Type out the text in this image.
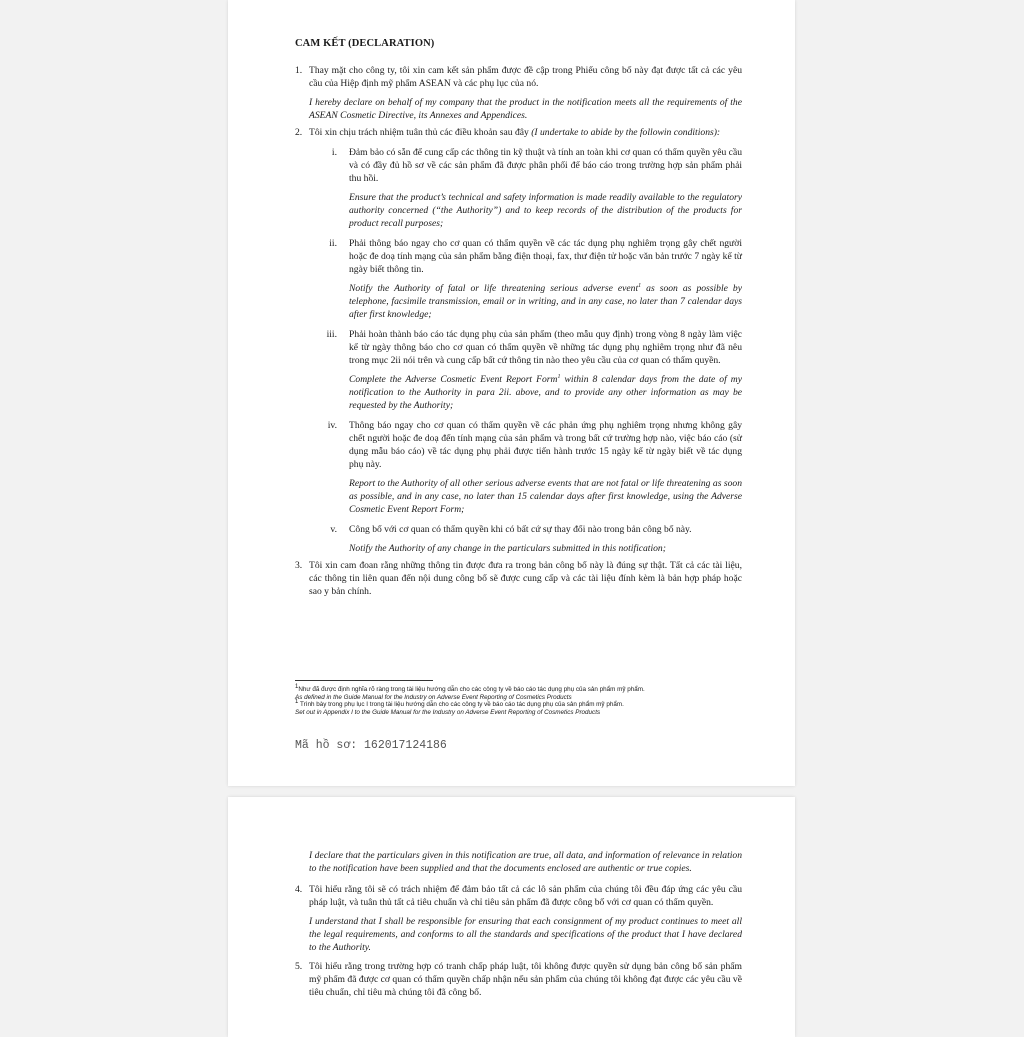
CAM KẾT (DECLARATION)
1. Thay mặt cho công ty, tôi xin cam kết sản phẩm được đề cập trong Phiếu công bố này đạt được tất cả các yêu cầu của Hiệp định mỹ phẩm ASEAN và các phụ lục của nó.

I hereby declare on behalf of my company that the product in the notification meets all the requirements of the ASEAN Cosmetic Directive, its Annexes and Appendices.

2. Tôi xin chịu trách nhiệm tuân thủ các điều khoản sau đây (I undertake to abide by the followin conditions):

i. Đảm bảo có sẵn để cung cấp các thông tin kỹ thuật và tính an toàn khi cơ quan có thẩm quyền yêu cầu và có đầy đủ hồ sơ về các sản phẩm đã được phân phối để báo cáo trong trường hợp sản phẩm phải thu hồi.

Ensure that the product’s technical and safety information is made readily available to the regulatory authority concerned (“the Authority”) and to keep records of the distribution of the products for product recall purposes;

ii. Phải thông báo ngay cho cơ quan có thẩm quyền về các tác dụng phụ nghiêm trọng gây chết người hoặc đe doạ tính mạng của sản phẩm bằng điện thoại, fax, thư điện tử hoặc văn bản trước 7 ngày kể từ ngày biết thông tin.

Notify the Authority of fatal or life threatening serious adverse event$^1$ as soon as possible by telephone, facsimile transmission, email or in writing, and in any case, no later than 7 calendar days after first knowledge;

iii. Phải hoàn thành báo cáo tác dụng phụ của sản phẩm (theo mẫu quy định) trong vòng 8 ngày làm việc kể từ ngày thông báo cho cơ quan có thẩm quyền về những tác dụng phụ nghiêm trọng như đã nêu trong mục 2ii nói trên và cung cấp bất cứ thông tin nào theo yêu cầu của cơ quan có thẩm quyền.

Complete the Adverse Cosmetic Event Report Form$^1$ within 8 calendar days from the date of my notification to the Authority in para 2ii. above, and to provide any other information as may be requested by the Authority;

iv. Thông báo ngay cho cơ quan có thẩm quyền về các phản ứng phụ nghiêm trọng nhưng không gây chết người hoặc đe doạ đến tính mạng của sản phẩm và trong bất cứ trường hợp nào, việc báo cáo (sử dụng mẫu báo cáo) về tác dụng phụ phải được tiến hành trước 15 ngày kể từ ngày biết về tác dụng phụ này.

Report to the Authority of all other serious adverse events that are not fatal or life threatening as soon as possible, and in any case, no later than 15 calendar days after first knowledge, using the Adverse Cosmetic Event Report Form;

v. Công bố với cơ quan có thẩm quyền khi có bất cứ sự thay đổi nào trong bản công bố này.

Notify the Authority of any change in the particulars submitted in this notification;

3. Tôi xin cam đoan rằng những thông tin được đưa ra trong bản công bố này là đúng sự thật. Tất cả các tài liệu, các thông tin liên quan đến nội dung công bố sẽ được cung cấp và các tài liệu đính kèm là bản hợp pháp hoặc sao y bản chính.

$^1$Như đã được định nghĩa rõ ràng trong tài liệu hướng dẫn cho các công ty về báo cáo tác dụng phụ của sản phẩm mỹ phẩm.
As defined in the Guide Manual for the Industry on Adverse Event Reporting of Cosmetics Products
$^1$ Trình bày trong phụ lục I trong tài liệu hướng dẫn cho các công ty về báo cáo tác dụng phụ của sản phẩm mỹ phẩm.
Set out in Appendix I to the Guide Manual for the Industry on Adverse Event Reporting of Cosmetics Products
Mã hồ sơ: 162017124186

I declare that the particulars given in this notification are true, all data, and information of relevance in relation to the notification have been supplied and that the documents enclosed are authentic or true copies.

4. Tôi hiểu rằng tôi sẽ có trách nhiệm để đảm bảo tất cả các lô sản phẩm của chúng tôi đều đáp ứng các yêu cầu pháp luật, và tuân thủ tất cả tiêu chuẩn và chỉ tiêu sản phẩm đã được công bố với cơ quan có thẩm quyền.

I understand that I shall be responsible for ensuring that each consignment of my product continues to meet all the legal requirements, and conforms to all the standards and specifications of the product that I have declared to the Authority.

5. Tôi hiểu rằng trong trường hợp có tranh chấp pháp luật, tôi không được quyền sử dụng bản công bố sản phẩm mỹ phẩm đã được cơ quan có thẩm quyền chấp nhận nếu sản phẩm của chúng tôi không đạt được các yêu cầu về tiêu chuẩn, chỉ tiêu mà chúng tôi đã công bố.
